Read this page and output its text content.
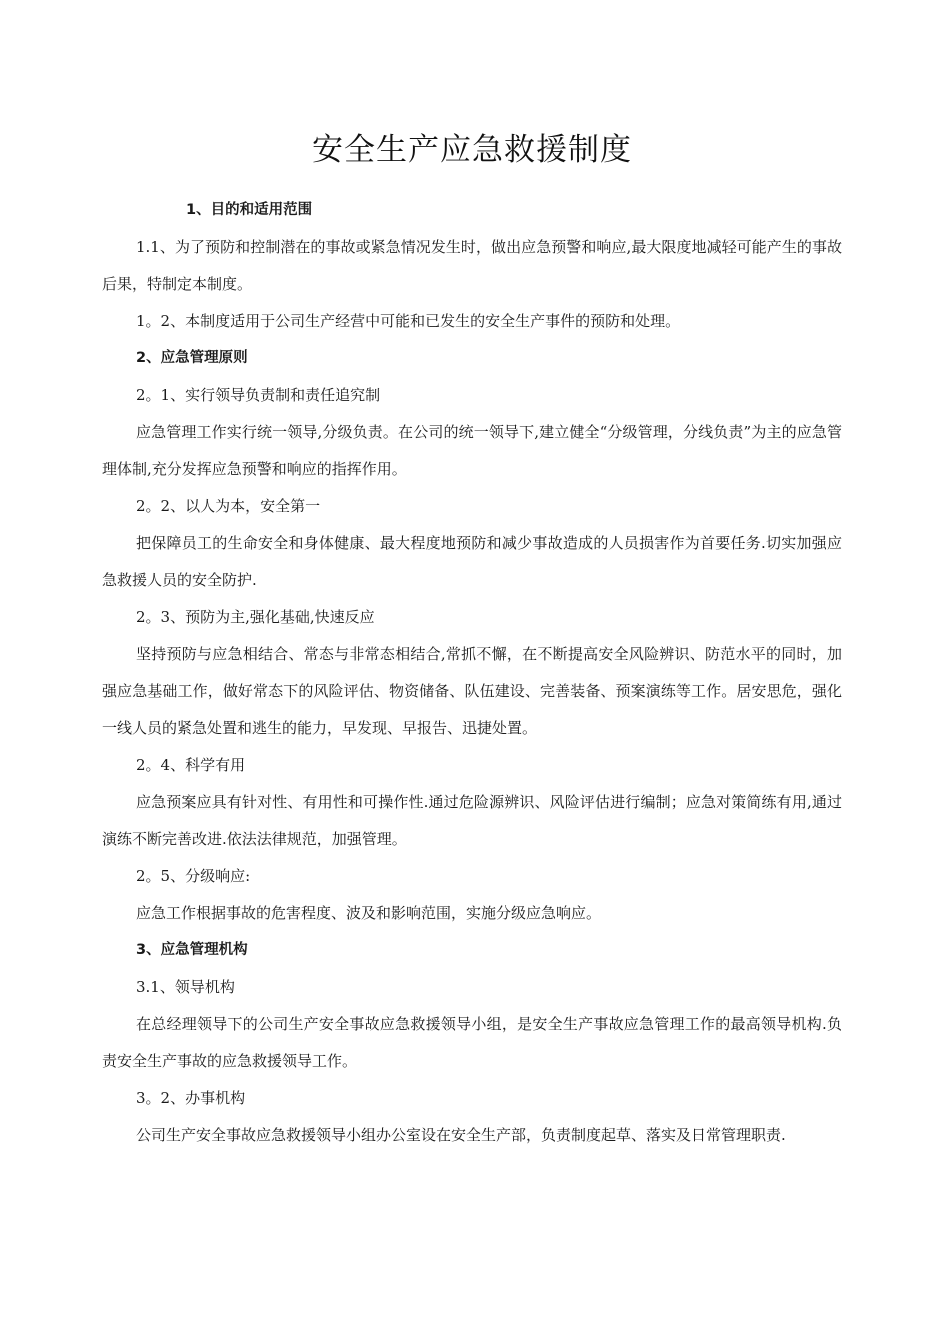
安全生产应急救援制度

1、目的和适用范围

1.1、为了预防和控制潜在的事故或紧急情况发生时，做出应急预警和响应,最大限度地减轻可能产生的事故后果，特制定本制度。

1。2、本制度适用于公司生产经营中可能和已发生的安全生产事件的预防和处理。

2、应急管理原则

2。1、实行领导负责制和责任追究制

应急管理工作实行统一领导,分级负责。在公司的统一领导下,建立健全“分级管理，分线负责”为主的应急管理体制,充分发挥应急预警和响应的指挥作用。

2。2、以人为本，安全第一

把保障员工的生命安全和身体健康、最大程度地预防和减少事故造成的人员损害作为首要任务.切实加强应急救援人员的安全防护.

2。3、预防为主,强化基础,快速反应

坚持预防与应急相结合、常态与非常态相结合,常抓不懈，在不断提高安全风险辨识、防范水平的同时，加强应急基础工作，做好常态下的风险评估、物资储备、队伍建设、完善装备、预案演练等工作。居安思危，强化一线人员的紧急处置和逃生的能力，早发现、早报告、迅捷处置。

2。4、科学有用

应急预案应具有针对性、有用性和可操作性.通过危险源辨识、风险评估进行编制；应急对策简练有用,通过演练不断完善改进.依法法律规范，加强管理。

2。5、分级响应:

应急工作根据事故的危害程度、波及和影响范围，实施分级应急响应。

3、应急管理机构

3.1、领导机构

在总经理领导下的公司生产安全事故应急救援领导小组，是安全生产事故应急管理工作的最高领导机构.负责安全生产事故的应急救援领导工作。

3。2、办事机构

公司生产安全事故应急救援领导小组办公室设在安全生产部，负责制度起草、落实及日常管理职责.
